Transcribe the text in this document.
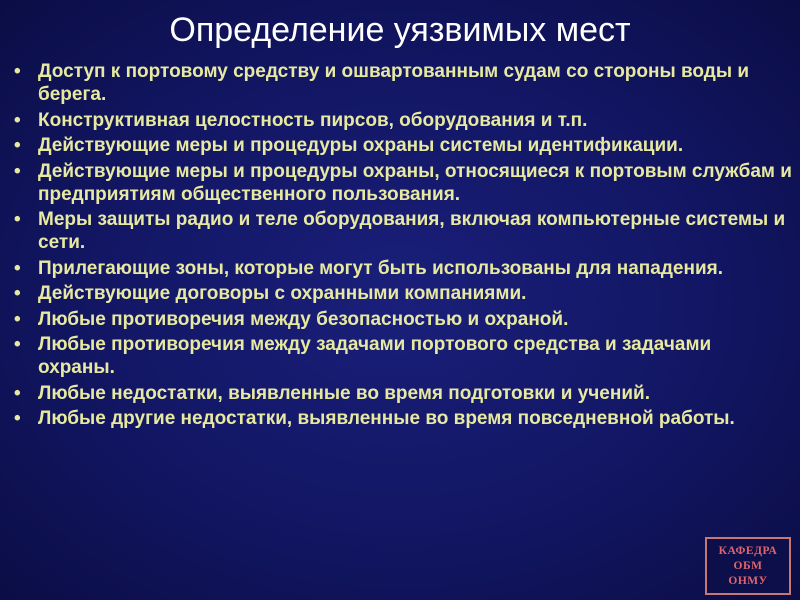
Определение уязвимых мест
• Доступ к портовому средству и ошвартованным судам со стороны воды и берега.
• Конструктивная целостность пирсов, оборудования и т.п.
• Действующие меры и процедуры охраны системы идентификации.
• Действующие меры и процедуры охраны, относящиеся к портовым службам и предприятиям общественного пользования.
• Меры защиты радио и теле оборудования, включая компьютерные системы и сети.
• Прилегающие зоны, которые могут быть использованы для нападения.
• Действующие договоры с охранными компаниями.
• Любые противоречия между безопасностью и охраной.
• Любые противоречия между задачами портового средства и задачами охраны.
• Любые недостатки, выявленные во время подготовки и учений.
• Любые другие недостатки, выявленные во время повседневной работы.
КАФЕДРА
ОБМ
ОНМУ
